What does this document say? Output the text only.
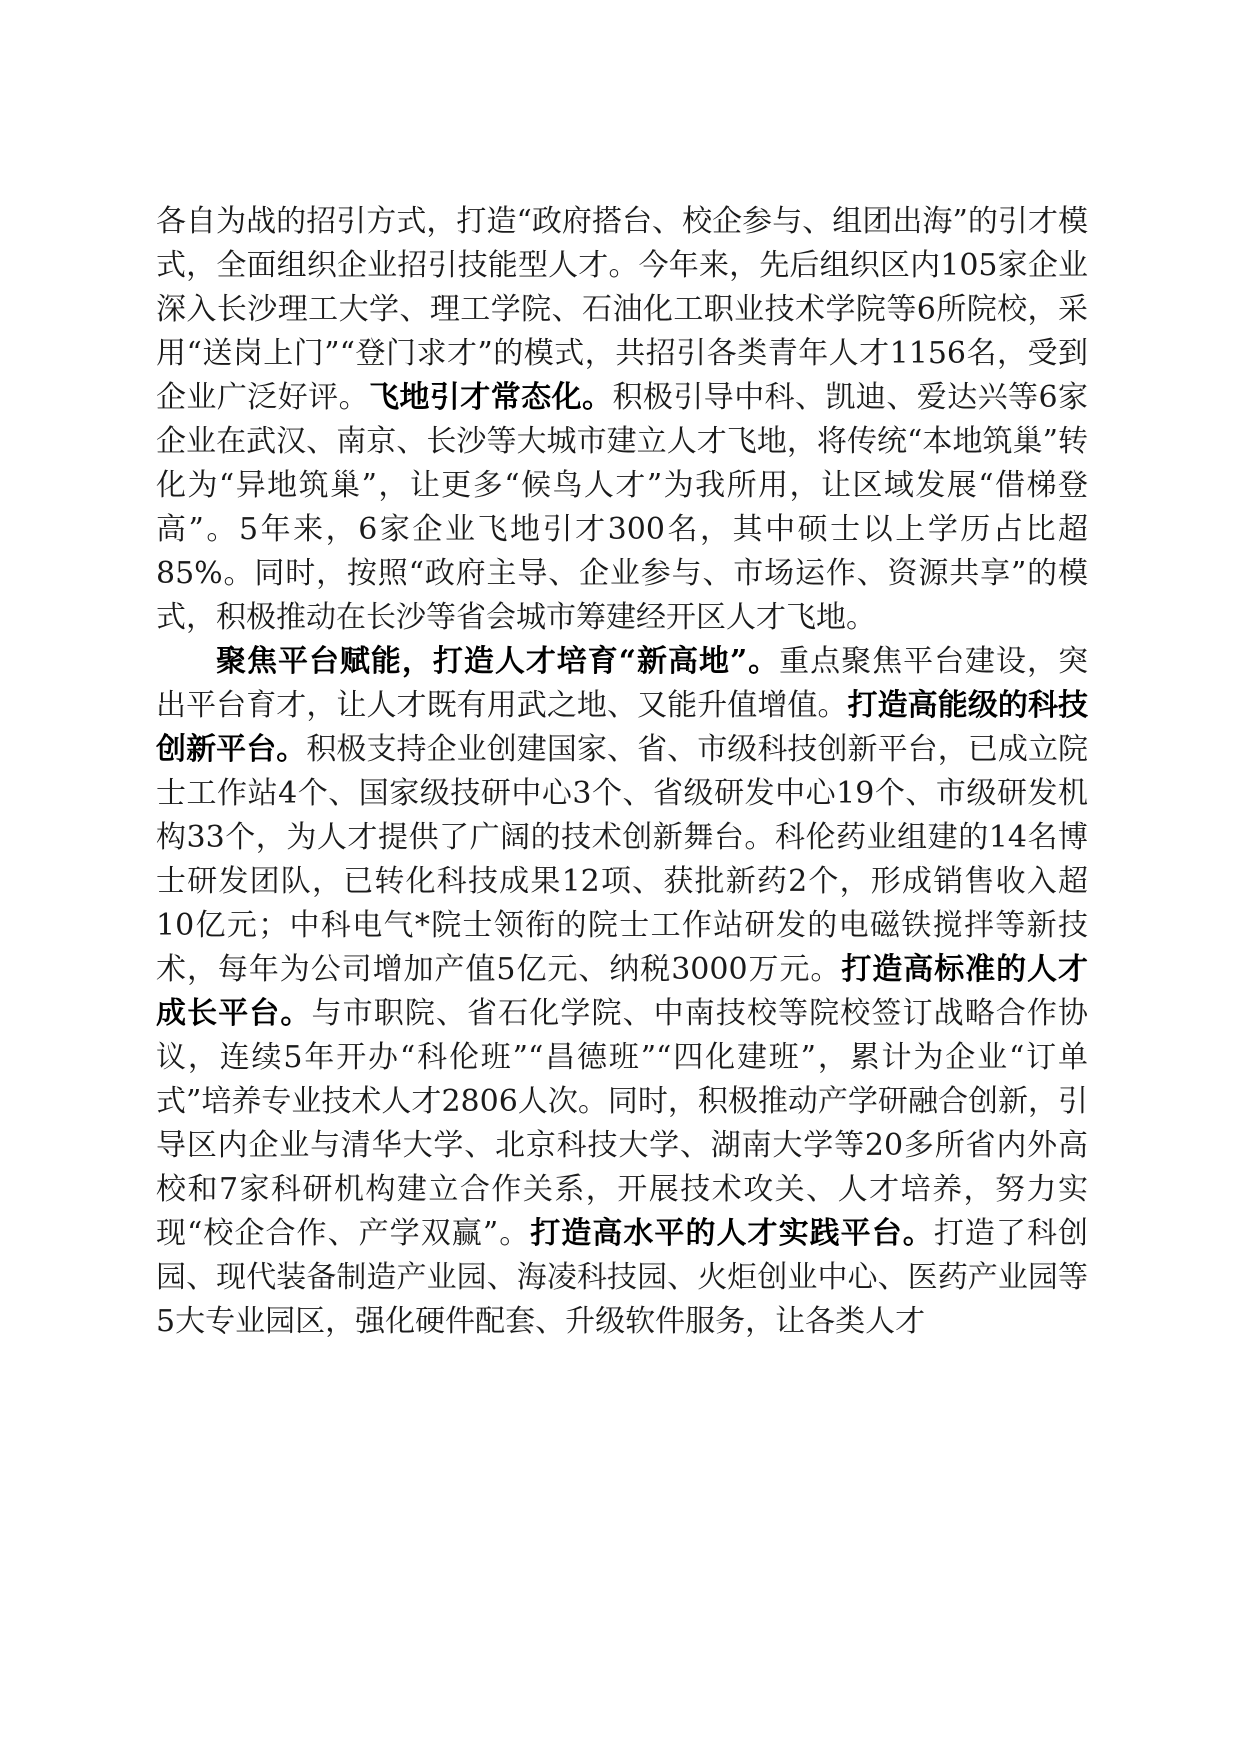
各自为战的招引方式，打造“政府搭台、校企参与、组团出海”的引才模式，全面组织企业招引技能型人才。今年来，先后组织区内105家企业深入长沙理工大学、理工学院、石油化工职业技术学院等6所院校，采用“送岗上门”“登门求才”的模式，共招引各类青年人才1156名，受到企业广泛好评。飞地引才常态化。积极引导中科、凯迪、爱达兴等6家企业在武汉、南京、长沙等大城市建立人才飞地，将传统“本地筑巢”转化为“异地筑巢”，让更多“候鸟人才”为我所用，让区域发展“借梯登高”。5年来，6家企业飞地引才300名，其中硕士以上学历占比超85%。同时，按照“政府主导、企业参与、市场运作、资源共享”的模式，积极推动在长沙等省会城市筹建经开区人才飞地。

聚焦平台赋能，打造人才培育“新高地”。重点聚焦平台建设，突出平台育才，让人才既有用武之地、又能升值增值。打造高能级的科技创新平台。积极支持企业创建国家、省、市级科技创新平台，已成立院士工作站4个、国家级技研中心3个、省级研发中心19个、市级研发机构33个，为人才提供了广阔的技术创新舞台。科伦药业组建的14名博士研发团队，已转化科技成果12项、获批新药2个，形成销售收入超10亿元；中科电气*院士领衔的院士工作站研发的电磁铁搅拌等新技术，每年为公司增加产值5亿元、纳税3000万元。打造高标准的人才成长平台。与市职院、省石化学院、中南技校等院校签订战略合作协议，连续5年开办“科伦班”“昌德班”“四化建班”，累计为企业“订单式”培养专业技术人才2806人次。同时，积极推动产学研融合创新，引导区内企业与清华大学、北京科技大学、湖南大学等20多所省内外高校和7家科研机构建立合作关系，开展技术攻关、人才培养，努力实现“校企合作、产学双赢”。打造高水平的人才实践平台。打造了科创园、现代装备制造产业园、海凌科技园、火炬创业中心、医药产业园等5大专业园区，强化硬件配套、升级软件服务，让各类人才
